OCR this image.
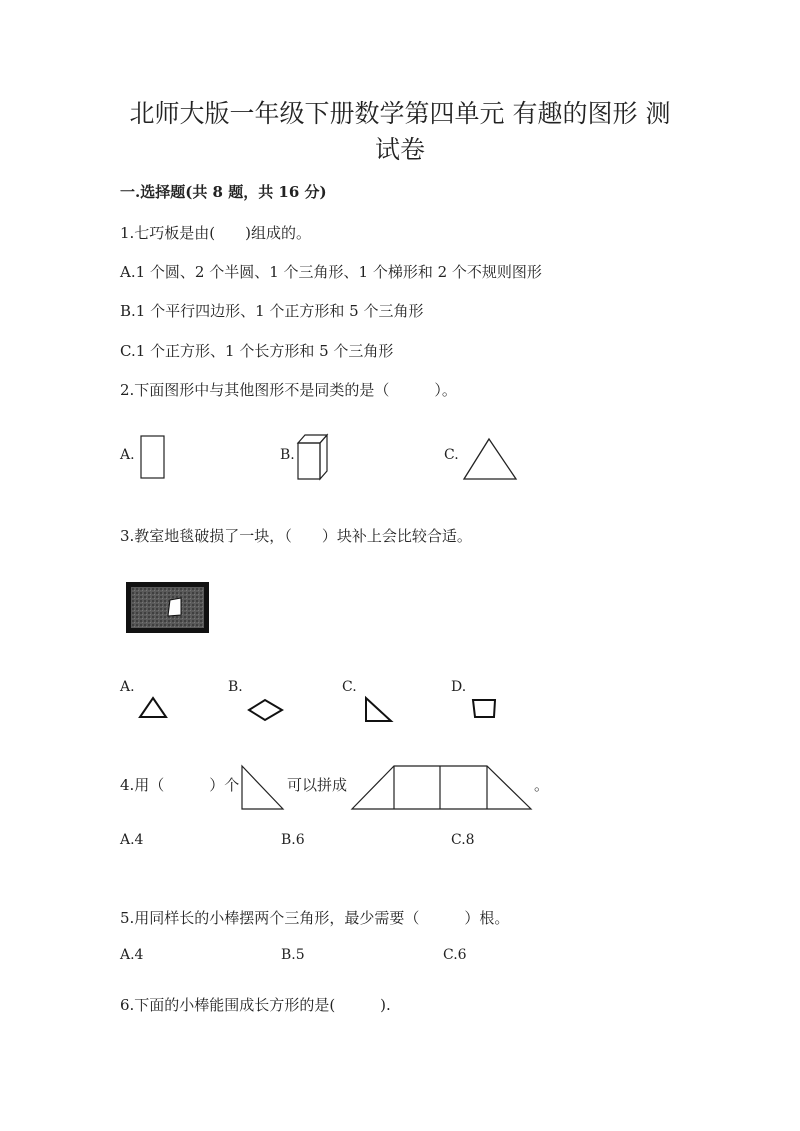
北师大版一年级下册数学第四单元 有趣的图形 测
试卷
一.选择题(共 8 题，共 16 分)
1.七巧板是由(　　)组成的。
A.1 个圆、2 个半圆、1 个三角形、1 个梯形和 2 个不规则图形
B.1 个平行四边形、1 个正方形和 5 个三角形
C.1 个正方形、1 个长方形和 5 个三角形
2.下面图形中与其他图形不是同类的是（　　　）。
A.	B.	C.
3.教室地毯破损了一块，（　　）块补上会比较合适。
A.	B.	C.	D.
4.用（　　　）个	可以拼成	。
A.4	B.6	C.8
5.用同样长的小棒摆两个三角形，最少需要（　　　）根。
A.4	B.5	C.6
6.下面的小棒能围成长方形的是(　　　).
